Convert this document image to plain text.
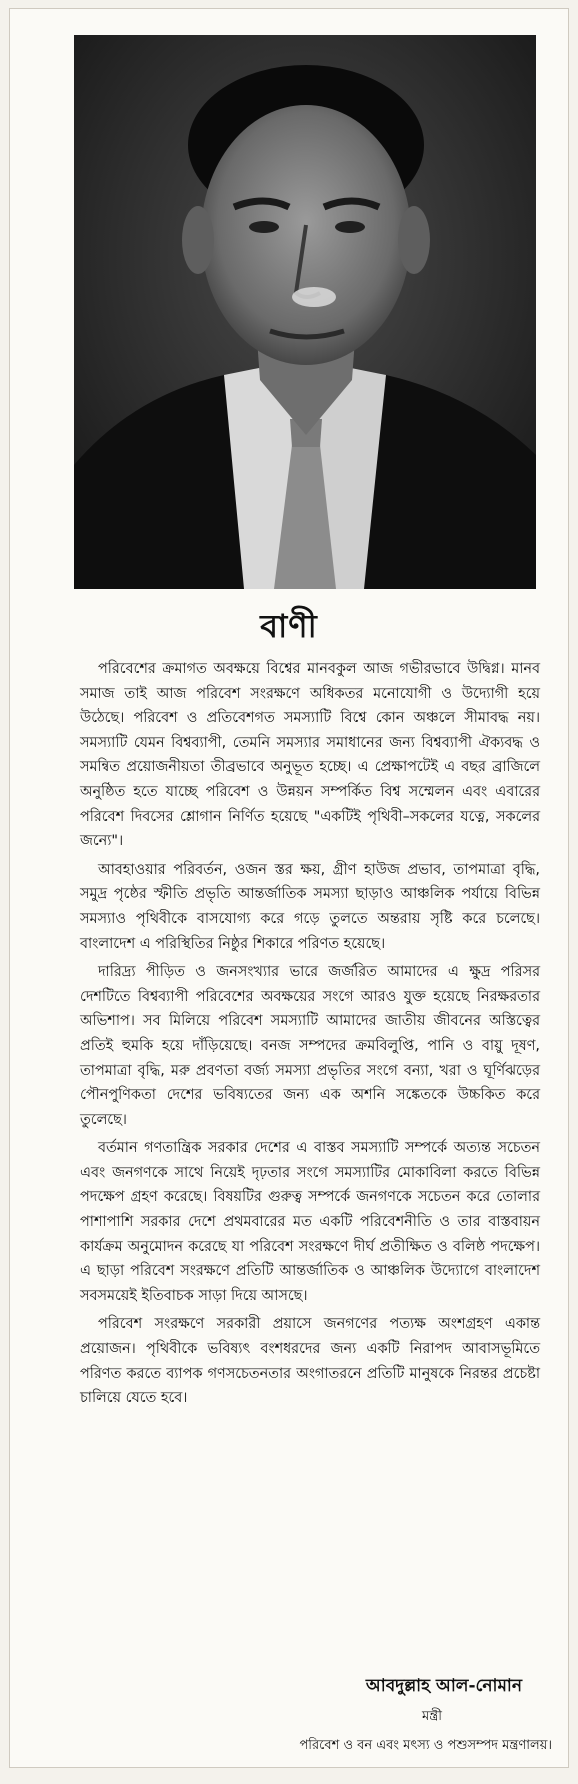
বাণী

পরিবেশের ক্রমাগত অবক্ষয়ে বিশ্বের মানবকুল আজ গভীরভাবে উদ্বিগ্ন। মানব সমাজ তাই আজ পরিবেশ সংরক্ষণে অধিকতর মনোযোগী ও উদ্যোগী হয়ে উঠেছে। পরিবেশ ও প্রতিবেশগত সমস্যাটি বিশ্বে কোন অঞ্চলে সীমাবদ্ধ নয়। সমস্যাটি যেমন বিশ্বব্যাপী, তেমনি সমস্যার সমাধানের জন্য বিশ্বব্যাপী ঐক্যবদ্ধ ও সমন্বিত প্রয়োজনীয়তা তীব্রভাবে অনুভূত হচ্ছে। এ প্রেক্ষাপটেই এ বছর ব্রাজিলে অনুষ্ঠিত হতে যাচ্ছে পরিবেশ ও উন্নয়ন সম্পর্কিত বিশ্ব সম্মেলন এবং এবারের পরিবেশ দিবসের শ্লোগান নির্ণিত হয়েছে "একটিই পৃথিবী–সকলের যত্নে, সকলের জন্যে"।

আবহাওয়ার পরিবর্তন, ওজন স্তর ক্ষয়, গ্রীণ হাউজ প্রভাব, তাপমাত্রা বৃদ্ধি, সমুদ্র পৃষ্ঠের স্ফীতি প্রভৃতি আন্তর্জাতিক সমস্যা ছাড়াও আঞ্চলিক পর্যায়ে বিভিন্ন সমস্যাও পৃথিবীকে বাসযোগ্য করে গড়ে তুলতে অন্তরায় সৃষ্টি করে চলেছে। বাংলাদেশ এ পরিস্থিতির নিষ্ঠুর শিকারে পরিণত হয়েছে।

দারিদ্র্য পীড়িত ও জনসংখ্যার ভারে জর্জরিত আমাদের এ ক্ষুদ্র পরিসর দেশটিতে বিশ্বব্যাপী পরিবেশের অবক্ষয়ের সংগে আরও যুক্ত হয়েছে নিরক্ষরতার অভিশাপ। সব মিলিয়ে পরিবেশ সমস্যাটি আমাদের জাতীয় জীবনের অস্তিত্বের প্রতিই হুমকি হয়ে দাঁড়িয়েছে। বনজ সম্পদের ক্রমবিলুপ্তি, পানি ও বায়ু দূষণ, তাপমাত্রা বৃদ্ধি, মরু প্রবণতা বর্জ্য সমস্যা প্রভৃতির সংগে বন্যা, খরা ও ঘূর্ণিঝড়ের পৌনপুণিকতা দেশের ভবিষ্যতের জন্য এক অশনি সঙ্কেতকে উচ্চকিত করে তুলেছে।

বর্তমান গণতান্ত্রিক সরকার দেশের এ বাস্তব সমস্যাটি সম্পর্কে অত্যন্ত সচেতন এবং জনগণকে সাথে নিয়েই দৃঢ়তার সংগে সমস্যাটির মোকাবিলা করতে বিভিন্ন পদক্ষেপ গ্রহণ করেছে। বিষয়টির গুরুত্ব সম্পর্কে জনগণকে সচেতন করে তোলার পাশাপাশি সরকার দেশে প্রথমবারের মত একটি পরিবেশনীতি ও তার বাস্তবায়ন কার্যক্রম অনুমোদন করেছে যা পরিবেশ সংরক্ষণে দীর্ঘ প্রতীক্ষিত ও বলিষ্ঠ পদক্ষেপ। এ ছাড়া পরিবেশ সংরক্ষণে প্রতিটি আন্তর্জাতিক ও আঞ্চলিক উদ্যোগে বাংলাদেশ সবসময়েই ইতিবাচক সাড়া দিয়ে আসছে।

পরিবেশ সংরক্ষণে সরকারী প্রয়াসে জনগণের পত্যক্ষ অংশগ্রহণ একান্ত প্রয়োজন। পৃথিবীকে ভবিষ্যৎ বংশধরদের জন্য একটি নিরাপদ আবাসভূমিতে পরিণত করতে ব্যাপক গণসচেতনতার অংগাতরনে প্রতিটি মানুষকে নিরন্তর প্রচেষ্টা চালিয়ে যেতে হবে।

আবদুল্লাহ আল-নোমান
মন্ত্রী
পরিবেশ ও বন এবং মৎস্য ও পশুসম্পদ মন্ত্রণালয়।
